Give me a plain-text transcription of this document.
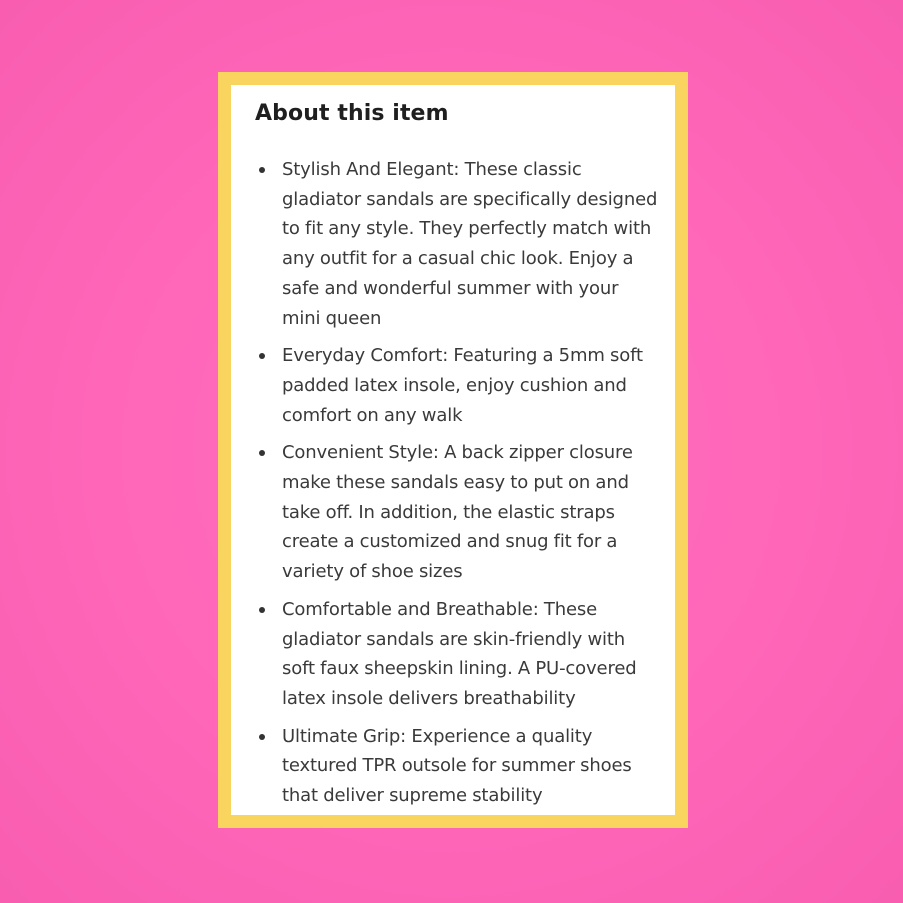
About this item
Stylish And Elegant: These classic gladiator sandals are specifically designed to fit any style. They perfectly match with any outfit for a casual chic look. Enjoy a safe and wonderful summer with your mini queen
Everyday Comfort: Featuring a 5mm soft padded latex insole, enjoy cushion and comfort on any walk
Convenient Style: A back zipper closure make these sandals easy to put on and take off. In addition, the elastic straps create a customized and snug fit for a variety of shoe sizes
Comfortable and Breathable: These gladiator sandals are skin-friendly with soft faux sheepskin lining. A PU-covered latex insole delivers breathability
Ultimate Grip: Experience a quality textured TPR outsole for summer shoes that deliver supreme stability
